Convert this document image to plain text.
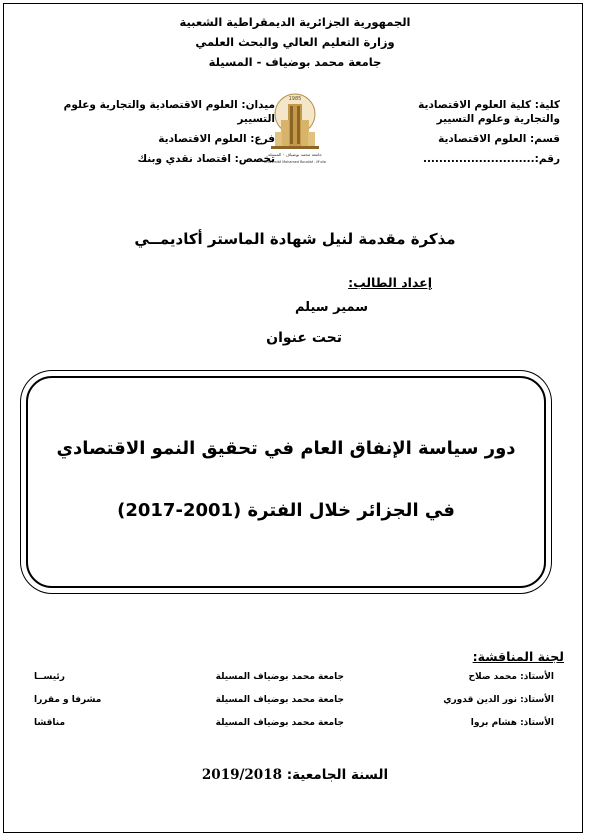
الجمهورية الجزائرية الديمقراطية الشعبية
وزارة التعليم العالي والبحث العلمي
جامعة محمد بوضياف - المسيلة
كلية: كلية العلوم الاقتصادية والتجارية وعلوم التسيير
قسم: العلوم الاقتصادية
رقم:............................
1985
جامعة محمد بوضياف - المسيلة
Université Mohamed Boudiaf - M'sila
ميدان: العلوم الاقتصادية والتجارية وعلوم التسيير
فرع: العلوم الاقتصادية
تخصص: اقتصاد نقدي وبنك
مذكرة مقدمة لنيل شهادة الماستر أكاديمــي
إعداد الطالب:
سمير سيلم
تحت عنوان
دور سياسة الإنفاق العام في تحقيق النمو الاقتصادي
في الجزائر خلال الفترة (2001-2017)
لجنة المناقشة:
الأستاذ: محمد صلاح
جامعة محمد بوضياف المسيلة
رئيســا
الأستاذ: نور الدين قدوري
جامعة محمد بوضياف المسيلة
مشرفا و مقررا
الأستاذ: هشام بروا
جامعة محمد بوضياف المسيلة
مناقشا
السنة الجامعية: 2019/2018
